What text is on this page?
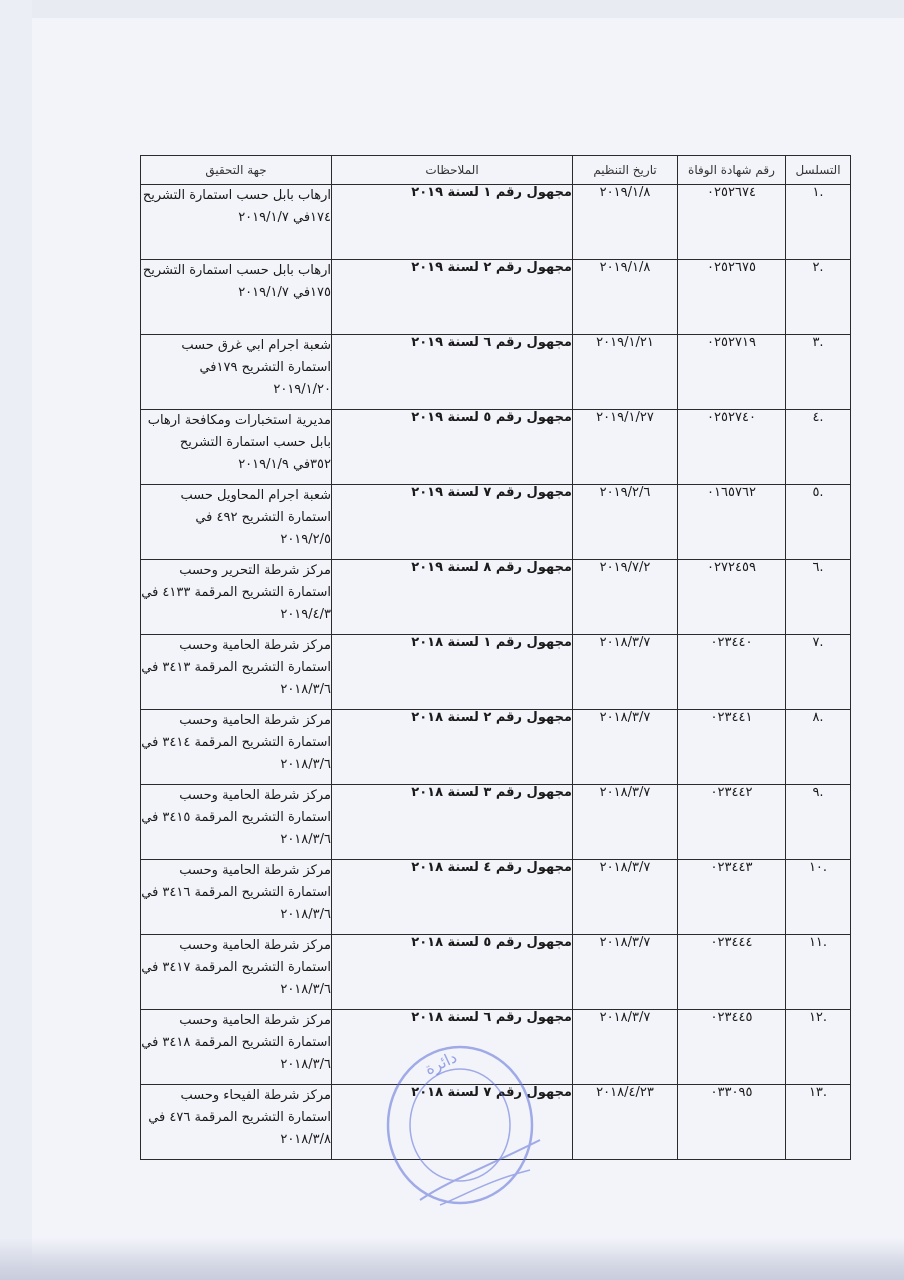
التسلسل	رقم شهادة الوفاة	تاريخ التنظيم	الملاحظات	جهة التحقيق
.١	٠٢٥٢٦٧٤	٢٠١٩/١/٨	مجهول رقم ١ لسنة ٢٠١٩	ارهاب بابل حسب استمارة التشريح ١٧٤في ٢٠١٩/١/٧
.٢	٠٢٥٢٦٧٥	٢٠١٩/١/٨	مجهول رقم ٢ لسنة ٢٠١٩	ارهاب بابل حسب استمارة التشريح ١٧٥في ٢٠١٩/١/٧
.٣	٠٢٥٢٧١٩	٢٠١٩/١/٢١	مجهول رقم ٦ لسنة ٢٠١٩	شعبة اجرام ابي غرق حسب استمارة التشريح ١٧٩في ٢٠١٩/١/٢٠
.٤	٠٢٥٢٧٤٠	٢٠١٩/١/٢٧	مجهول رقم ٥ لسنة ٢٠١٩	مديرية استخبارات ومكافحة ارهاب بابل حسب استمارة التشريح ٣٥٢في ٢٠١٩/١/٩
.٥	٠١٦٥٧٦٢	٢٠١٩/٢/٦	مجهول رقم ٧ لسنة ٢٠١٩	شعبة اجرام المحاويل حسب استمارة التشريح ٤٩٢ في ٢٠١٩/٢/٥
.٦	٠٢٧٢٤٥٩	٢٠١٩/٧/٢	مجهول رقم ٨ لسنة ٢٠١٩	مركز شرطة التحرير وحسب استمارة التشريح المرقمة ٤١٣٣ في ٢٠١٩/٤/٣
.٧	٠٢٣٤٤٠	٢٠١٨/٣/٧	مجهول رقم ١ لسنة ٢٠١٨	مركز شرطة الحامية وحسب استمارة التشريح المرقمة ٣٤١٣ في ٢٠١٨/٣/٦
.٨	٠٢٣٤٤١	٢٠١٨/٣/٧	مجهول رقم ٢ لسنة ٢٠١٨	مركز شرطة الحامية وحسب استمارة التشريح المرقمة ٣٤١٤ في ٢٠١٨/٣/٦
.٩	٠٢٣٤٤٢	٢٠١٨/٣/٧	مجهول رقم ٣ لسنة ٢٠١٨	مركز شرطة الحامية وحسب استمارة التشريح المرقمة ٣٤١٥ في ٢٠١٨/٣/٦
.١٠	٠٢٣٤٤٣	٢٠١٨/٣/٧	مجهول رقم ٤ لسنة ٢٠١٨	مركز شرطة الحامية وحسب استمارة التشريح المرقمة ٣٤١٦ في ٢٠١٨/٣/٦
.١١	٠٢٣٤٤٤	٢٠١٨/٣/٧	مجهول رقم ٥ لسنة ٢٠١٨	مركز شرطة الحامية وحسب استمارة التشريح المرقمة ٣٤١٧ في ٢٠١٨/٣/٦
.١٢	٠٢٣٤٤٥	٢٠١٨/٣/٧	مجهول رقم ٦ لسنة ٢٠١٨	مركز شرطة الحامية وحسب استمارة التشريح المرقمة ٣٤١٨ في ٢٠١٨/٣/٦
.١٣	٠٣٣٠٩٥	٢٠١٨/٤/٢٣	مجهول رقم ٧ لسنة ٢٠١٨	مركز شرطة الفيحاء وحسب استمارة التشريح المرقمة ٤٧٦ في ٢٠١٨/٣/٨
دائرة
